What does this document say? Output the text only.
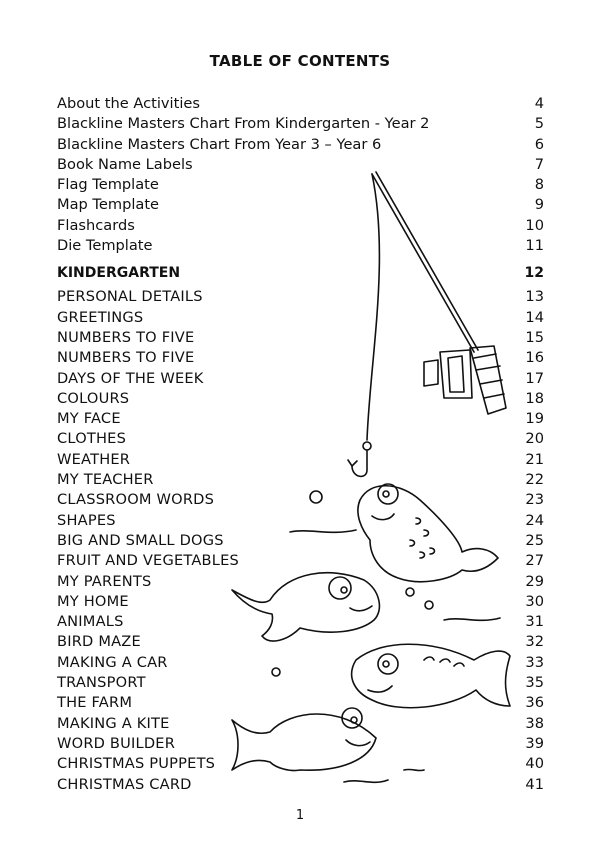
TABLE OF CONTENTS
About the Activities	4
Blackline Masters Chart From Kindergarten - Year 2	5
Blackline Masters Chart From Year 3 – Year 6	6
Book Name Labels	7
Flag Template	8
Map Template	9
Flashcards	10
Die Template	11
KINDERGARTEN	12
PERSONAL DETAILS	13
GREETINGS	14
NUMBERS TO FIVE	15
NUMBERS TO FIVE	16
DAYS OF THE WEEK	17
COLOURS	18
MY FACE	19
CLOTHES	20
WEATHER	21
MY TEACHER	22
CLASSROOM WORDS	23
SHAPES	24
BIG AND SMALL DOGS	25
FRUIT AND VEGETABLES	27
MY PARENTS	29
MY HOME	30
ANIMALS	31
BIRD MAZE	32
MAKING A CAR	33
TRANSPORT	35
THE FARM	36
MAKING A KITE	38
WORD BUILDER	39
CHRISTMAS PUPPETS	40
CHRISTMAS CARD	41
1
